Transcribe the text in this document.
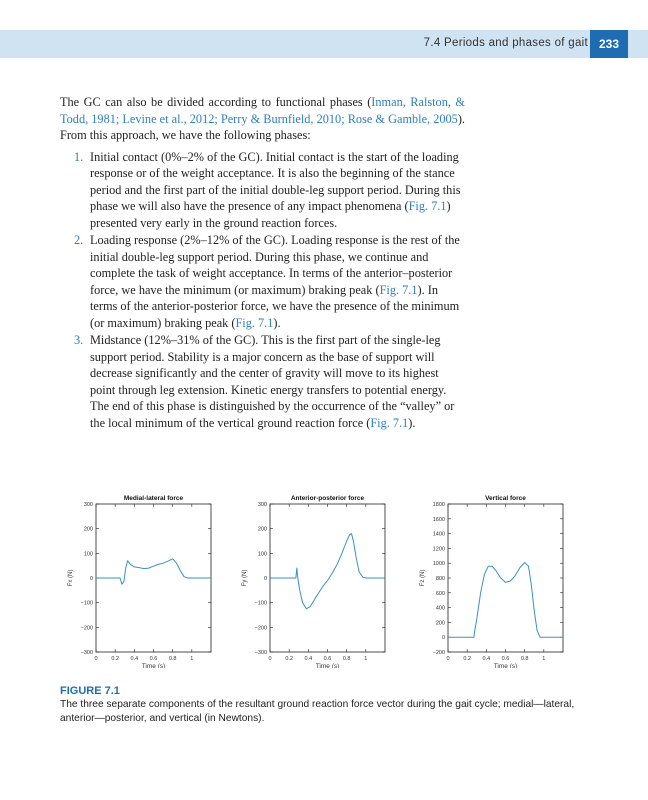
7.4 Periods and phases of gait 233

The GC can also be divided according to functional phases (Inman, Ralston, & Todd, 1981; Levine et al., 2012; Perry & Burnfield, 2010; Rose & Gamble, 2005). From this approach, we have the following phases:

1. Initial contact (0%–2% of the GC). Initial contact is the start of the loading response or of the weight acceptance. It is also the beginning of the stance period and the first part of the initial double-leg support period. During this phase we will also have the presence of any impact phenomena (Fig. 7.1) presented very early in the ground reaction forces.
2. Loading response (2%–12% of the GC). Loading response is the rest of the initial double-leg support period. During this phase, we continue and complete the task of weight acceptance. In terms of the anterior–posterior force, we have the minimum (or maximum) braking peak (Fig. 7.1). In terms of the anterior-posterior force, we have the presence of the minimum (or maximum) braking peak (Fig. 7.1).
3. Midstance (12%–31% of the GC). This is the first part of the single-leg support period. Stability is a major concern as the base of support will decrease significantly and the center of gravity will move to its highest point through leg extension. Kinetic energy transfers to potential energy. The end of this phase is distinguished by the occurrence of the “valley” or the local minimum of the vertical ground reaction force (Fig. 7.1).
Medial-lateral force
300
200
100
0
−100
−200
−300
0	0.2 0.4 0.6 0.8	1
Time (s)
Fx (N)
Anterior-posterior force
300
200
100
0
−100
−200
−300
0	0.2 0.4 0.6 0.8	1
Time (s)
Fy (N)
Vertical force
1800
1600
1400
1200
1000
800
600
400
200
0
−200
0	0.2 0.4 0.6 0.8	1
Time (s)
Fz (N)
FIGURE 7.1
The three separate components of the resultant ground reaction force vector during the gait cycle; medial—lateral, anterior—posterior, and vertical (in Newtons).
